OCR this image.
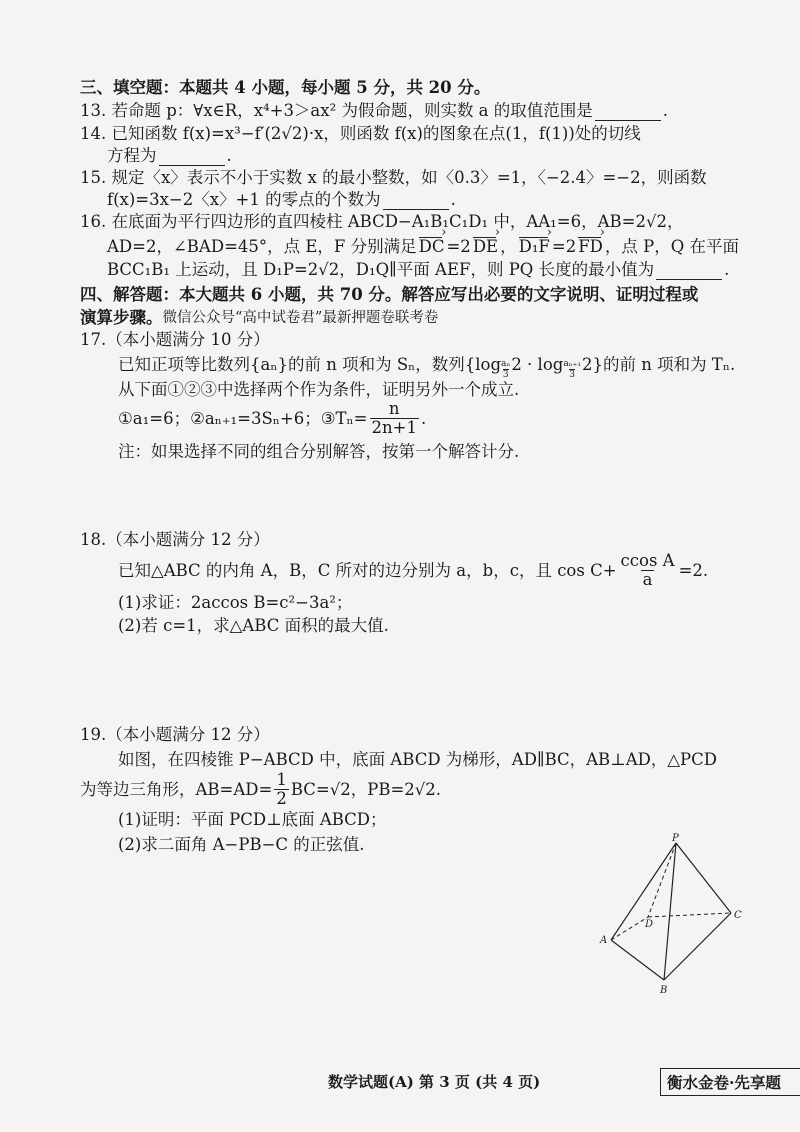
三、填空题：本题共 4 小题，每小题 5 分，共 20 分。
13. 若命题 p：∀x∈R，x⁴+3＞ax² 为假命题，则实数 a 的取值范围是	.
14. 已知函数 f(x)=x³−f′(2√2)·x，则函数 f(x)的图象在点(1，f(1))处的切线
方程为	.
15. 规定〈x〉表示不小于实数 x 的最小整数，如〈0.3〉=1，〈−2.4〉=−2，则函数
f(x)=3x−2〈x〉+1 的零点的个数为	.
16. 在底面为平行四边形的直四棱柱 ABCD−A₁B₁C₁D₁ 中，AA₁=6，AB=2√2，
AD=2，∠BAD=45°，点 E，F 分别满足 DC › =2 DE › ， D₁F › =2 FD › ，点 P，Q 在平面
BCC₁B₁ 上运动，且 D₁P=2√2，D₁Q∥平面 AEF，则 PQ 长度的最小值为	.
四、解答题：本大题共 6 小题，共 70 分。解答应写出必要的文字说明、证明过程或
演算步骤。 微信公众号“高中试卷君”最新押题卷联考卷
17.（本小题满分 10 分）
已知正项等比数列{aₙ}的前 n 项和为 Sₙ，数列$\{\log \frac{\text{aₙ}}{3} 2 \cdot \log \frac{\text{aₙ₊₁}}{3} 2\}$的前 n 项和为 Tₙ.
从下面①②③中选择两个作为条件，证明另外一个成立.
①a₁=6；②aₙ₊₁=3Sₙ+6；③Tₙ= $\frac{n}{2n+1}$ .
注：如果选择不同的组合分别解答，按第一个解答计分.
18.（本小题满分 12 分）
已知△ABC 的内角 A，B，C 所对的边分别为 a，b，c，且 $\cos C+ \frac{\text{ccos A}}{a} =2$.
(1)求证：2accos B=c²−3a²；
(2)若 c=1，求△ABC 面积的最大值.
19.（本小题满分 12 分）
如图，在四棱锥 P−ABCD 中，底面 ABCD 为梯形，AD∥BC，AB⊥AD，△PCD
为等边三角形，$AB=AD= \frac{1}{2} BC=√2$，PB=2√2.
(1)证明：平面 PCD⊥底面 ABCD；
(2)求二面角 A−PB−C 的正弦值.	P
D
C
A
B
数学试题(A) 第 3 页 (共 4 页)	衡水金卷·先享题
